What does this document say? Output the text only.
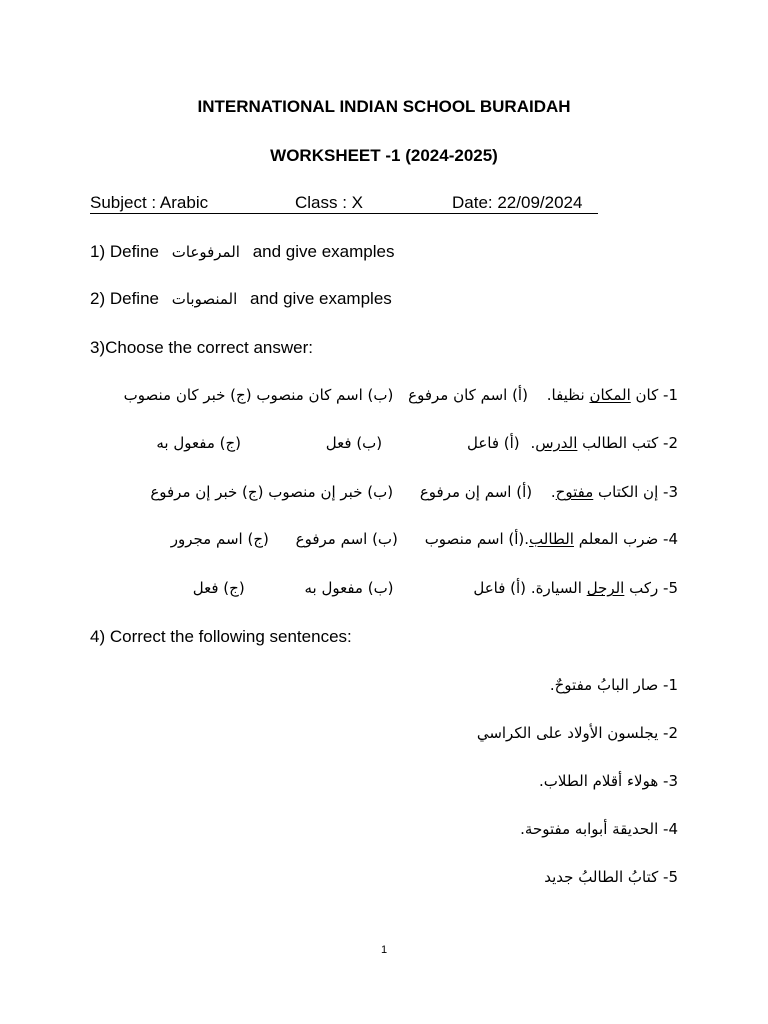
INTERNATIONAL INDIAN SCHOOL BURAIDAH
WORKSHEET -1 (2024-2025)
Subject : Arabic	Class : X	Date: 22/09/2024
1) Define المرفوعات and give examples
2) Define المنصوبات and give examples
3)Choose the correct answer:
1- كان المكان نظيفا. (أ) اسم كان مرفوع (ب) اسم كان منصوب (ج) خبر كان منصوب
2- كتب الطالب الدرس. (أ) فاعل (ب) فعل (ج) مفعول به
3- إن الكتاب مفتوح. (أ) اسم إن مرفوع (ب) خبر إن منصوب (ج) خبر إن مرفوع
4- ضرب المعلم الطالب.(أ) اسم منصوب (ب) اسم مرفوع (ج) اسم مجرور
5- ركب الرجل السيارة. (أ) فاعل (ب) مفعول به (ج) فعل
4) Correct the following sentences:
1- صار البابُ مفتوحٌ.
2- يجلسون الأولاد على الكراسي
3- هولاء أقلام الطلاب.
4- الحديقة أبوابه مفتوحة.
5- كتابُ الطالبُ جديد
1
